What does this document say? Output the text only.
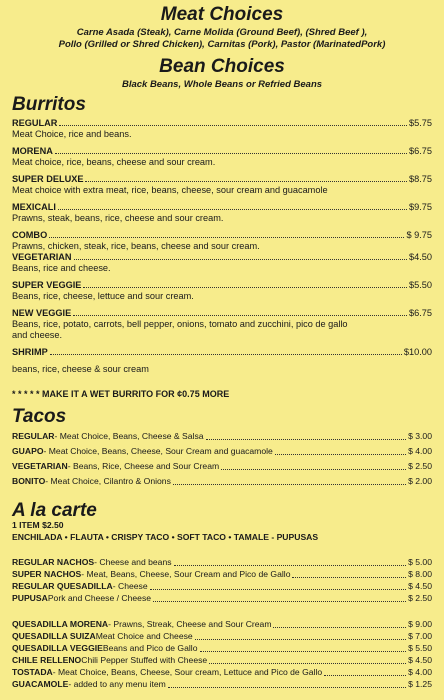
Meat Choices
Carne Asada (Steak), Carne Molida (Ground Beef), (Shred Beef ),
Pollo (Grilled or Shred Chicken), Carnitas (Pork), Pastor (MarinatedPork)
Bean Choices
Black Beans, Whole Beans or Refried Beans
Burritos
REGULAR	$5.75
Meat Choice, rice and beans.
MORENA	$6.75
Meat choice, rice, beans, cheese and sour cream.
SUPER DELUXE	$8.75
Meat choice with extra meat, rice, beans, cheese, sour cream and guacamole
MEXICALI	$9.75
Prawns, steak, beans, rice, cheese and sour cream.
COMBO	$ 9.75
Prawns, chicken, steak, rice, beans, cheese and sour cream.
VEGETARIAN	$4.50
Beans, rice and cheese.
SUPER VEGGIE	$5.50
Beans, rice, cheese, lettuce and sour cream.
NEW VEGGIE	$6.75
Beans, rice, potato, carrots, bell pepper, onions, tomato and zucchini, pico de gallo
and cheese.
SHRIMP	$10.00
beans, rice, cheese & sour cream
* * * * * MAKE IT A WET BURRITO FOR ¢0.75 MORE
Tacos
REGULAR - Meat Choice, Beans, Cheese & Salsa	$ 3.00
GUAPO - Meat Choice, Beans, Cheese, Sour Cream and guacamole	$ 4.00
VEGETARIAN - Beans, Rice, Cheese and Sour Cream	$ 2.50
BONITO - Meat Choice, Cilantro & Onions	$ 2.00
A la carte
1 ITEM $2.50
ENCHILADA • FLAUTA • CRISPY TACO • SOFT TACO • TAMALE - PUPUSAS
REGULAR NACHOS - Cheese and beans	$ 5.00
SUPER NACHOS - Meat, Beans, Cheese, Sour Cream and Pico de Gallo	$ 8.00
REGULAR QUESADILLA - Cheese	$ 4.50
PUPUSA Pork and Cheese / Cheese	$ 2.50
QUESADILLA MORENA - Prawns, Streak, Cheese and Sour Cream	$ 9.00
QUESADILLA SUIZA Meat Choice and Cheese	$ 7.00
QUESADILLA VEGGIE Beans and Pico de Gallo	$ 5.50
CHILE RELLENO Chili Pepper Stuffed with Cheese	$ 4.50
TOSTADA - Meat Choice, Beans, Cheese, Sour cream, Lettuce and Pico de Gallo	$ 4.00
GUACAMOLE - added to any menu item	$ 1.25
